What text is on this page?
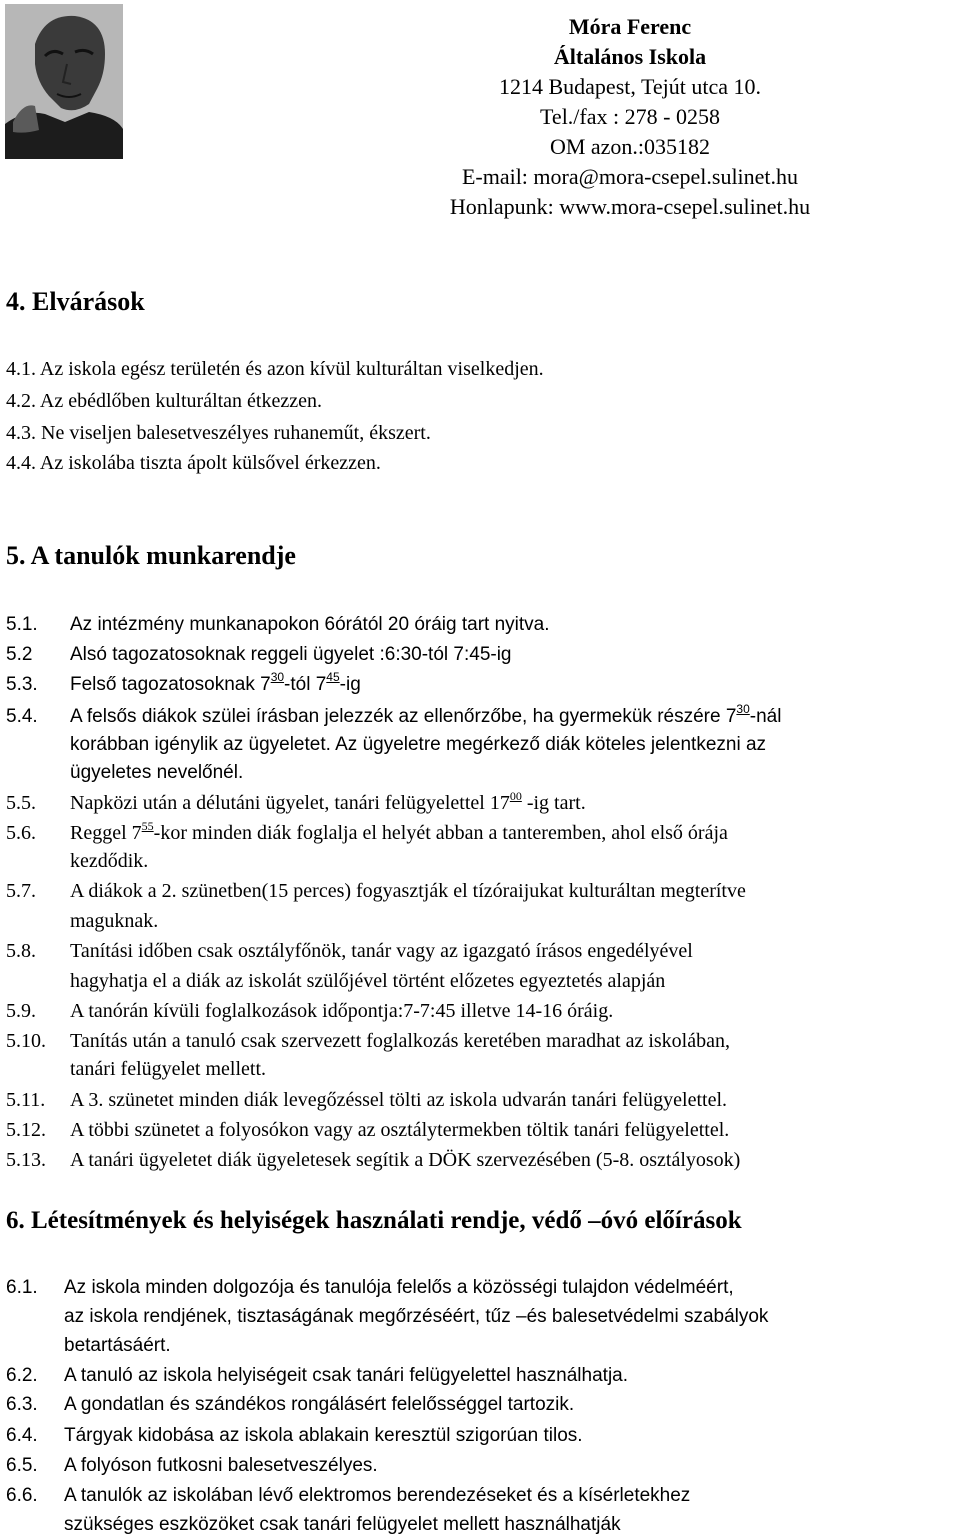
Móra Ferenc
Általános Iskola
1214 Budapest, Tejút utca 10.
Tel./fax : 278 - 0258
OM azon.:035182
E-mail: mora@mora-csepel.sulinet.hu
Honlapunk: www.mora-csepel.sulinet.hu
4. Elvárások
4.1. Az iskola egész területén és azon kívül kulturáltan viselkedjen.
4.2. Az ebédlőben kulturáltan étkezzen.
4.3. Ne viseljen balesetveszélyes ruhaneműt, ékszert.
4.4. Az iskolába tiszta ápolt külsővel érkezzen.
5. A tanulók munkarendje
5.1. Az intézmény munkanapokon 6órától 20 óráig tart nyitva.
5.2 Alsó tagozatosoknak reggeli ügyelet :6:30-tól 7:45-ig
5.3. Felső tagozatosoknak $7^{30}$-tól $7^{45}-ig$
5.4. A felsős diákok szülei írásban jelezzék az ellenőrzőbe, ha gyermekük részére $7^{30}$-nál
korábban igénylik az ügyeletet. Az ügyeletre megérkező diák köteles jelentkezni az
ügyeletes nevelőnél.
5.5. Napközi után a délutáni ügyelet, tanári felügyelettel $17^{00}$ -ig tart.
5.6. Reggel $7^{55}$-kor minden diák foglalja el helyét abban a tanteremben, ahol első órája
kezdődik.
5.7. A diákok a 2. szünetben(15 perces) fogyasztják el tízóraijukat kulturáltan megterítve
maguknak.
5.8. Tanítási időben csak osztályfőnök, tanár vagy az igazgató írásos engedélyével
hagyhatja el a diák az iskolát szülőjével történt előzetes egyeztetés alapján
5.9. A tanórán kívüli foglalkozások időpontja:7-7:45 illetve 14-16 óráig.
5.10. Tanítás után a tanuló csak szervezett foglalkozás keretében maradhat az iskolában,
tanári felügyelet mellett.
5.11. A 3. szünetet minden diák levegőzéssel tölti az iskola udvarán tanári felügyelettel.
5.12. A többi szünetet a folyosókon vagy az osztálytermekben töltik tanári felügyelettel.
5.13. A tanári ügyeletet diák ügyeletesek segítik a DÖK szervezésében (5-8. osztályosok)
6. Létesítmények és helyiségek használati rendje, védő –óvó előírások
6.1. Az iskola minden dolgozója és tanulója felelős a közösségi tulajdon védelméért,
az iskola rendjének, tisztaságának megőrzéséért, tűz –és balesetvédelmi szabályok
betartásáért.
6.2. A tanuló az iskola helyiségeit csak tanári felügyelettel használhatja.
6.3. A gondatlan és szándékos rongálásért felelősséggel tartozik.
6.4. Tárgyak kidobása az iskola ablakain keresztül szigorúan tilos.
6.5. A folyóson futkosni balesetveszélyes.
6.6. A tanulók az iskolában lévő elektromos berendezéseket és a kísérletekhez
szükséges eszközöket csak tanári felügyelet mellett használhatják
